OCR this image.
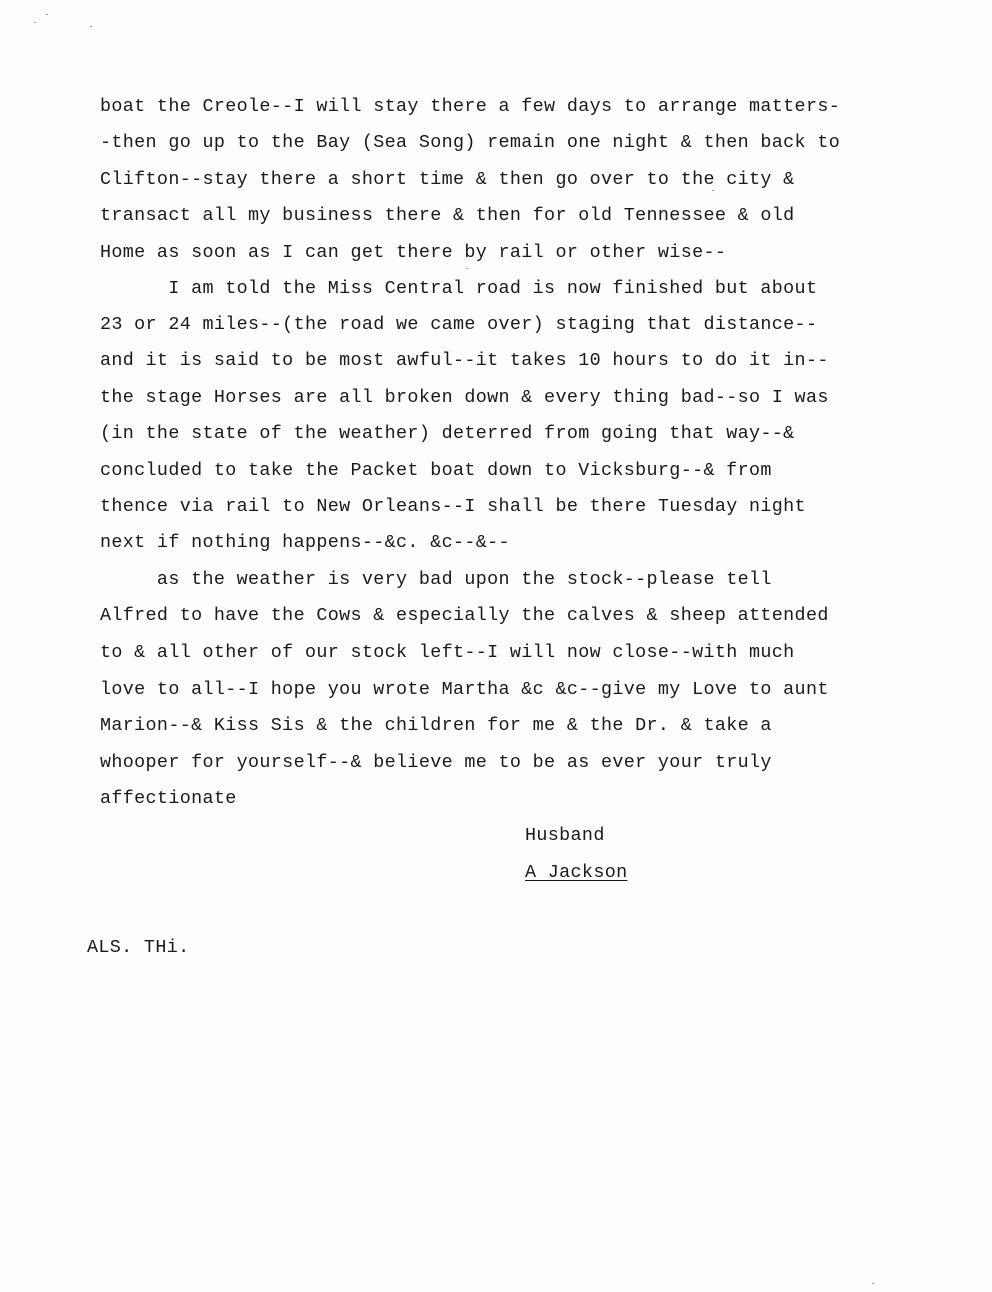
boat the Creole--I will stay there a few days to arrange matters-
-then go up to the Bay (Sea Song) remain one night & then back to
Clifton--stay there a short time & then go over to the city &
transact all my business there & then for old Tennessee & old
Home as soon as I can get there by rail or other wise--
I am told the Miss Central road is now finished but about
23 or 24 miles--(the road we came over) staging that distance--
and it is said to be most awful--it takes 10 hours to do it in--
the stage Horses are all broken down & every thing bad--so I was
(in the state of the weather) deterred from going that way--&
concluded to take the Packet boat down to Vicksburg--& from
thence via rail to New Orleans--I shall be there Tuesday night
next if nothing happens--&c. &c--&--
as the weather is very bad upon the stock--please tell
Alfred to have the Cows & especially the calves & sheep attended
to & all other of our stock left--I will now close--with much
love to all--I hope you wrote Martha &c &c--give my Love to aunt
Marion--& Kiss Sis & the children for me & the Dr. & take a
whooper for yourself--& believe me to be as ever your truly
affectionate
Husband
A Jackson
ALS. THi.
